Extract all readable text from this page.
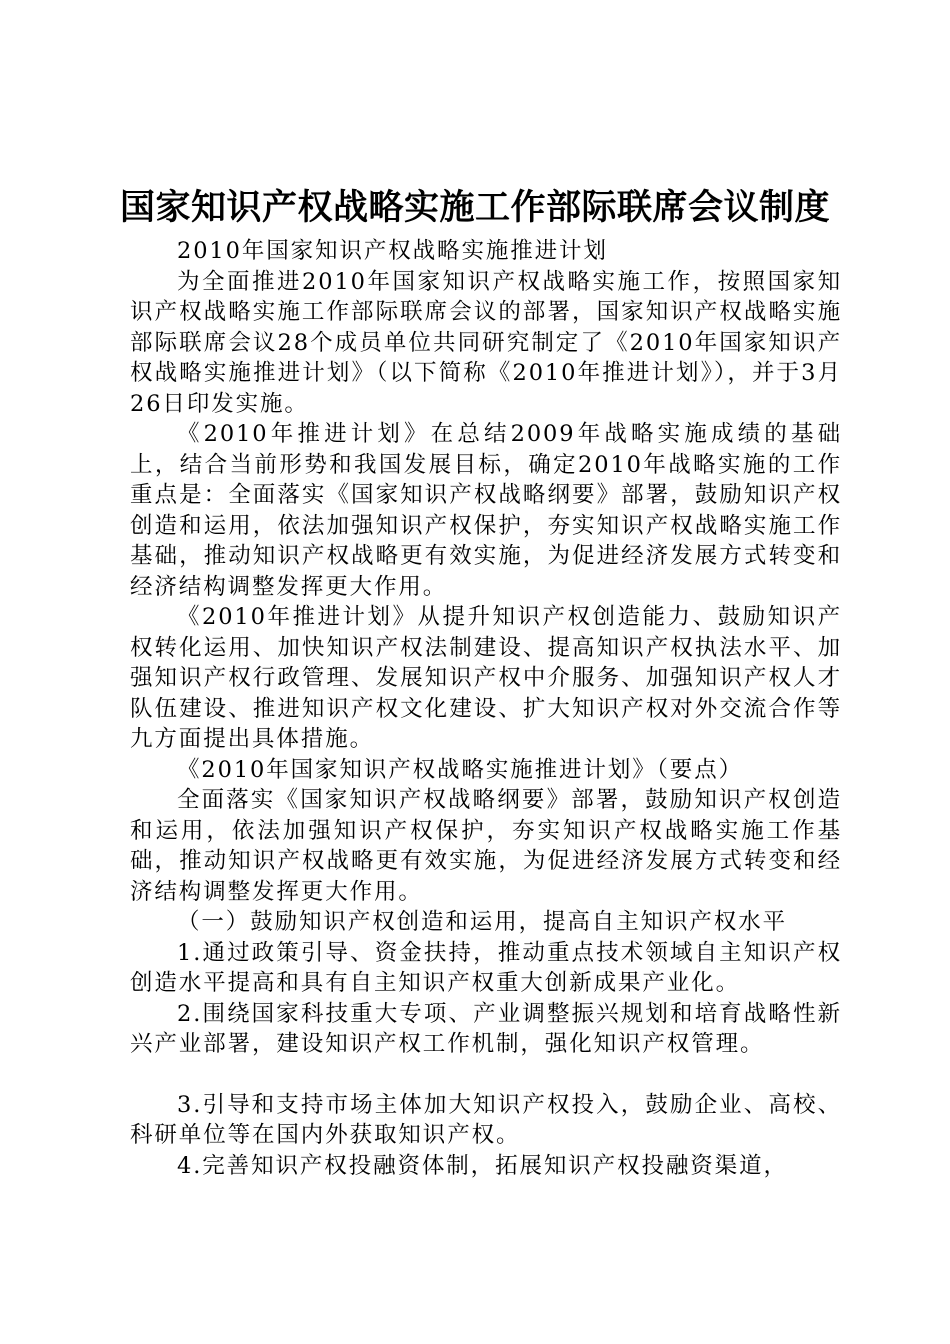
国家知识产权战略实施工作部际联席会议制度

2010年国家知识产权战略实施推进计划

为全面推进2010年国家知识产权战略实施工作，按照国家知识产权战略实施工作部际联席会议的部署，国家知识产权战略实施部际联席会议28个成员单位共同研究制定了《2010年国家知识产权战略实施推进计划》（以下简称《2010年推进计划》），并于3月26日印发实施。

《2010年推进计划》在总结2009年战略实施成绩的基础上，结合当前形势和我国发展目标，确定2010年战略实施的工作重点是：全面落实《国家知识产权战略纲要》部署，鼓励知识产权创造和运用，依法加强知识产权保护，夯实知识产权战略实施工作基础，推动知识产权战略更有效实施，为促进经济发展方式转变和经济结构调整发挥更大作用。

《2010年推进计划》从提升知识产权创造能力、鼓励知识产权转化运用、加快知识产权法制建设、提高知识产权执法水平、加强知识产权行政管理、发展知识产权中介服务、加强知识产权人才队伍建设、推进知识产权文化建设、扩大知识产权对外交流合作等九方面提出具体措施。

《2010年国家知识产权战略实施推进计划》（要点）

全面落实《国家知识产权战略纲要》部署，鼓励知识产权创造和运用，依法加强知识产权保护，夯实知识产权战略实施工作基础，推动知识产权战略更有效实施，为促进经济发展方式转变和经济结构调整发挥更大作用。

（一）鼓励知识产权创造和运用，提高自主知识产权水平

1.通过政策引导、资金扶持，推动重点技术领域自主知识产权创造水平提高和具有自主知识产权重大创新成果产业化。

2.围绕国家科技重大专项、产业调整振兴规划和培育战略性新兴产业部署，建设知识产权工作机制，强化知识产权管理。

3.引导和支持市场主体加大知识产权投入，鼓励企业、高校、科研单位等在国内外获取知识产权。

4.完善知识产权投融资体制，拓展知识产权投融资渠道，
